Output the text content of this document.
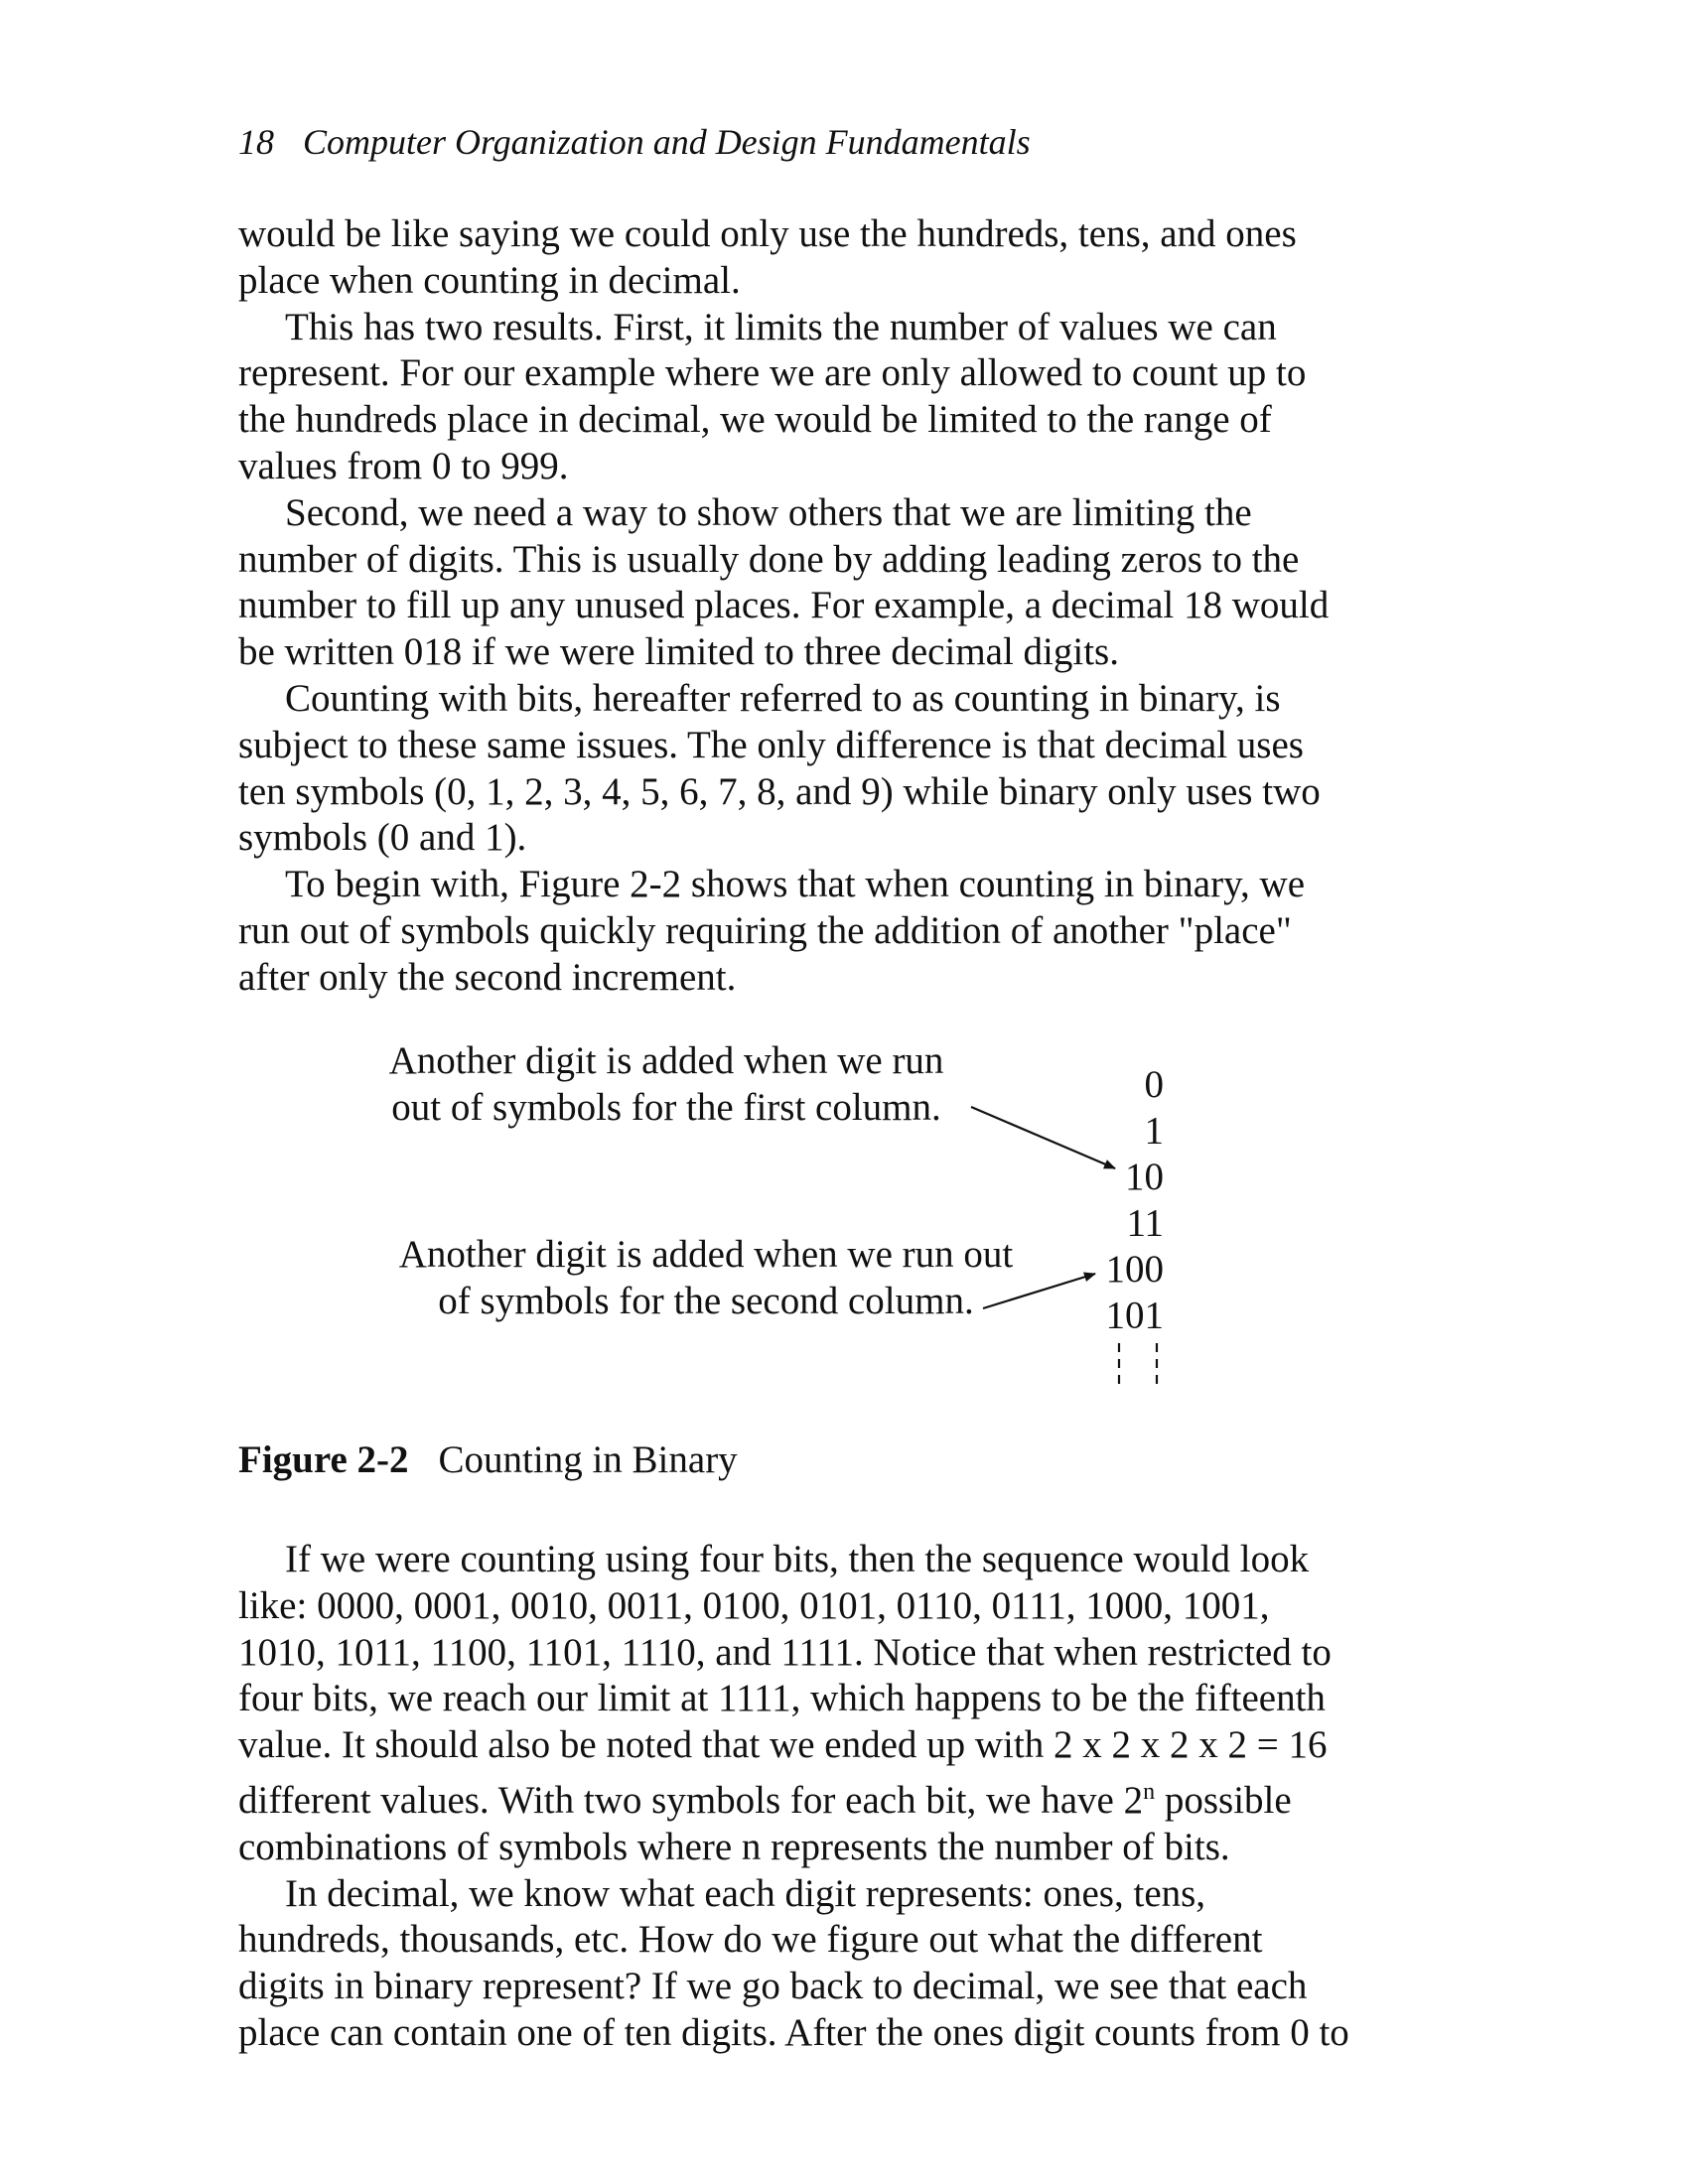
18 Computer Organization and Design Fundamentals

would be like saying we could only use the hundreds, tens, and ones
place when counting in decimal.

This has two results. First, it limits the number of values we can
represent. For our example where we are only allowed to count up to
the hundreds place in decimal, we would be limited to the range of
values from 0 to 999.

Second, we need a way to show others that we are limiting the
number of digits. This is usually done by adding leading zeros to the
number to fill up any unused places. For example, a decimal 18 would
be written 018 if we were limited to three decimal digits.

Counting with bits, hereafter referred to as counting in binary, is
subject to these same issues. The only difference is that decimal uses
ten symbols (0, 1, 2, 3, 4, 5, 6, 7, 8, and 9) while binary only uses two
symbols (0 and 1).

To begin with, Figure 2-2 shows that when counting in binary, we
run out of symbols quickly requiring the addition of another "place"
after only the second increment.

Another digit is added when we run
out of symbols for the first column.
Another digit is added when we run out
of symbols for the second column.
0
1
10
11
100
101
Figure 2-2 Counting in Binary

If we were counting using four bits, then the sequence would look
like: 0000, 0001, 0010, 0011, 0100, 0101, 0110, 0111, 1000, 1001,
1010, 1011, 1100, 1101, 1110, and 1111. Notice that when restricted to
four bits, we reach our limit at 1111, which happens to be the fifteenth
value. It should also be noted that we ended up with 2 x 2 x 2 x 2 = 16
different values. With two symbols for each bit, we have 2$^n$ possible
combinations of symbols where n represents the number of bits.

In decimal, we know what each digit represents: ones, tens,
hundreds, thousands, etc. How do we figure out what the different
digits in binary represent? If we go back to decimal, we see that each
place can contain one of ten digits. After the ones digit counts from 0 to
